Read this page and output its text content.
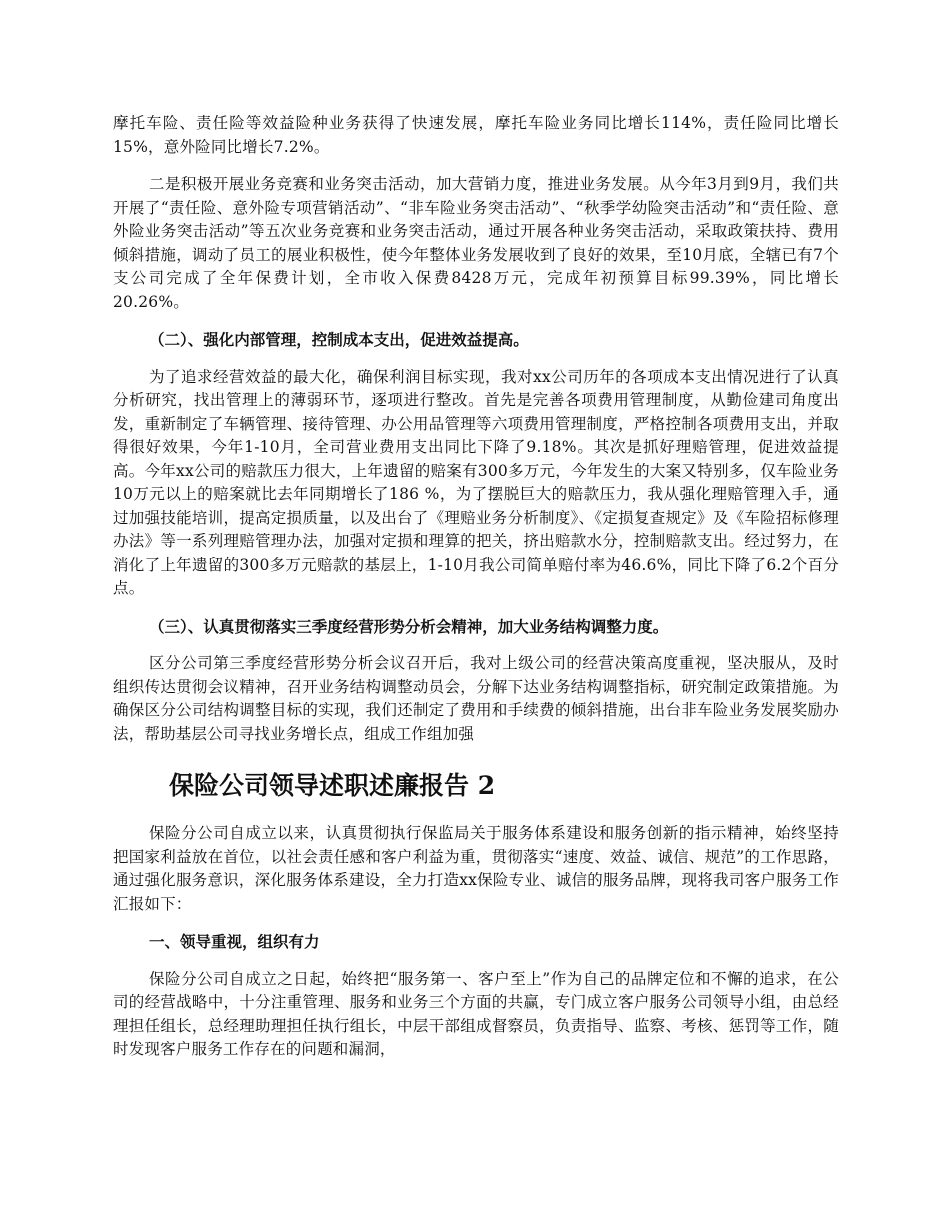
摩托车险、责任险等效益险种业务获得了快速发展，摩托车险业务同比增长114%，责任险同比增长15%，意外险同比增长7.2%。

二是积极开展业务竞赛和业务突击活动，加大营销力度，推进业务发展。从今年3月到9月，我们共开展了“责任险、意外险专项营销活动”、“非车险业务突击活动”、“秋季学幼险突击活动”和“责任险、意外险业务突击活动”等五次业务竞赛和业务突击活动，通过开展各种业务突击活动，采取政策扶持、费用倾斜措施，调动了员工的展业积极性，使今年整体业务发展收到了良好的效果，至10月底，全辖已有7个支公司完成了全年保费计划，全市收入保费8428万元，完成年初预算目标99.39%，同比增长20.26%。

（二）、强化内部管理，控制成本支出，促进效益提高。

为了追求经营效益的最大化，确保利润目标实现，我对xx公司历年的各项成本支出情况进行了认真分析研究，找出管理上的薄弱环节，逐项进行整改。首先是完善各项费用管理制度，从勤俭建司角度出发，重新制定了车辆管理、接待管理、办公用品管理等六项费用管理制度，严格控制各项费用支出，并取得很好效果，今年1-10月，全司营业费用支出同比下降了9.18%。其次是抓好理赔管理，促进效益提高。今年xx公司的赔款压力很大，上年遗留的赔案有300多万元，今年发生的大案又特别多，仅车险业务10万元以上的赔案就比去年同期增长了186 %，为了摆脱巨大的赔款压力，我从强化理赔管理入手，通过加强技能培训，提高定损质量，以及出台了《理赔业务分析制度》、《定损复查规定》及《车险招标修理办法》等一系列理赔管理办法，加强对定损和理算的把关，挤出赔款水分，控制赔款支出。经过努力，在消化了上年遗留的300多万元赔款的基层上，1-10月我公司简单赔付率为46.6%，同比下降了6.2个百分点。

（三）、认真贯彻落实三季度经营形势分析会精神，加大业务结构调整力度。

区分公司第三季度经营形势分析会议召开后，我对上级公司的经营决策高度重视，坚决服从，及时组织传达贯彻会议精神，召开业务结构调整动员会，分解下达业务结构调整指标，研究制定政策措施。为确保区分公司结构调整目标的实现，我们还制定了费用和手续费的倾斜措施，出台非车险业务发展奖励办法，帮助基层公司寻找业务增长点，组成工作组加强

保险公司领导述职述廉报告 2

保险分公司自成立以来，认真贯彻执行保监局关于服务体系建设和服务创新的指示精神，始终坚持把国家利益放在首位，以社会责任感和客户利益为重，贯彻落实“速度、效益、诚信、规范”的工作思路，通过强化服务意识，深化服务体系建设，全力打造xx保险专业、诚信的服务品牌，现将我司客户服务工作汇报如下：

一、领导重视，组织有力

保险分公司自成立之日起，始终把“服务第一、客户至上”作为自己的品牌定位和不懈的追求，在公司的经营战略中，十分注重管理、服务和业务三个方面的共赢，专门成立客户服务公司领导小组，由总经理担任组长，总经理助理担任执行组长，中层干部组成督察员，负责指导、监察、考核、惩罚等工作，随时发现客户服务工作存在的问题和漏洞，
